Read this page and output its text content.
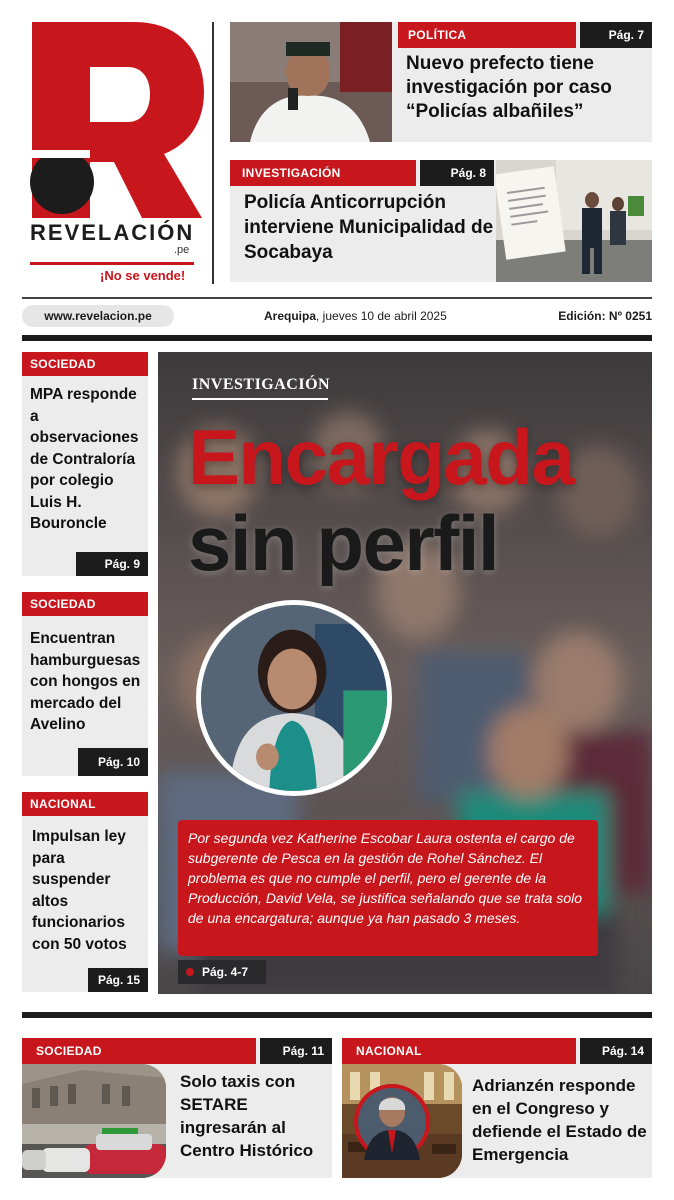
REVELACIÓN
.pe
¡No se vende!
POLÍTICA	Pág. 7
Nuevo prefecto tiene investigación por caso “Policías albañiles”
INVESTIGACIÓN	Pág. 8
Policía Anticorrupción interviene Municipalidad de Socabaya
www.revelacion.pe	Arequipa, jueves 10 de abril 2025	Edición: Nº 0251
SOCIEDAD
MPA responde a observaciones de Contraloría por colegio Luis H. Bouroncle
Pág. 9
SOCIEDAD
Encuentran hamburguesas con hongos en mercado del Avelino
Pág. 10
NACIONAL
Impulsan ley para suspender altos funcionarios con 50 votos
Pág. 15
INVESTIGACIÓN
Encargada
sin perfil
Por segunda vez Katherine Escobar Laura ostenta el cargo de subgerente de Pesca en la gestión de Rohel Sánchez. El problema es que no cumple el perfil, pero el gerente de la Producción, David Vela, se justifica señalando que se trata solo de una encargatura; aunque ya han pasado 3 meses.
Pág. 4-7
SOCIEDAD	Pág. 11
Solo taxis con SETARE ingresarán al Centro Histórico
NACIONAL	Pág. 14
Adrianzén responde en el Congreso y defiende el Estado de Emergencia
